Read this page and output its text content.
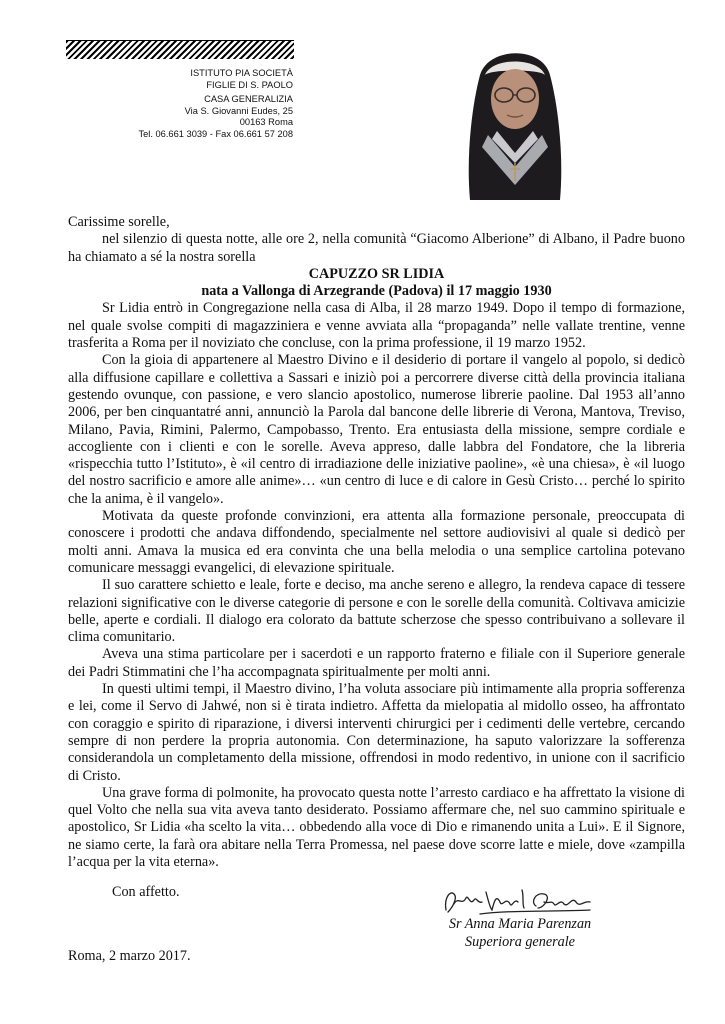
ISTITUTO PIA SOCIETÀ
FIGLIE DI S. PAOLO
CASA GENERALIZIA
Via S. Giovanni Eudes, 25
00163 Roma
Tel. 06.661 3039 - Fax 06.661 57 208

Carissime sorelle,

nel silenzio di questa notte, alle ore 2, nella comunità “Giacomo Alberione” di Albano, il Padre buono ha chiamato a sé la nostra sorella

CAPUZZO SR LIDIA
nata a Vallonga di Arzegrande (Padova) il 17 maggio 1930

Sr Lidia entrò in Congregazione nella casa di Alba, il 28 marzo 1949. Dopo il tempo di formazione, nel quale svolse compiti di magazziniera e venne avviata alla “propaganda” nelle vallate trentine, venne trasferita a Roma per il noviziato che concluse, con la prima professione, il 19 marzo 1952.

Con la gioia di appartenere al Maestro Divino e il desiderio di portare il vangelo al popolo, si dedicò alla diffusione capillare e collettiva a Sassari e iniziò poi a percorrere diverse città della provincia italiana gestendo ovunque, con passione, e vero slancio apostolico, numerose librerie paoline. Dal 1953 all’anno 2006, per ben cinquantatré anni, annunciò la Parola dal bancone delle librerie di Verona, Mantova, Treviso, Milano, Pavia, Rimini, Palermo, Campobasso, Trento. Era entusiasta della missione, sempre cordiale e accogliente con i clienti e con le sorelle. Aveva appreso, dalle labbra del Fondatore, che la libreria «rispecchia tutto l’Istituto», è «il centro di irradiazione delle iniziative paoline», «è una chiesa», è «il luogo del nostro sacrificio e amore alle anime»… «un centro di luce e di calore in Gesù Cristo… perché lo spirito che la anima, è il vangelo».

Motivata da queste profonde convinzioni, era attenta alla formazione personale, preoccupata di conoscere i prodotti che andava diffondendo, specialmente nel settore audiovisivi al quale si dedicò per molti anni. Amava la musica ed era convinta che una bella melodia o una semplice cartolina potevano comunicare messaggi evangelici, di elevazione spirituale.

Il suo carattere schietto e leale, forte e deciso, ma anche sereno e allegro, la rendeva capace di tessere relazioni significative con le diverse categorie di persone e con le sorelle della comunità. Coltivava amicizie belle, aperte e cordiali. Il dialogo era colorato da battute scherzose che spesso contribuivano a sollevare il clima comunitario.

Aveva una stima particolare per i sacerdoti e un rapporto fraterno e filiale con il Superiore generale dei Padri Stimmatini che l’ha accompagnata spiritualmente per molti anni.

In questi ultimi tempi, il Maestro divino, l’ha voluta associare più intimamente alla propria sofferenza e lei, come il Servo di Jahwé, non si è tirata indietro. Affetta da mielopatia al midollo osseo, ha affrontato con coraggio e spirito di riparazione, i diversi interventi chirurgici per i cedimenti delle vertebre, cercando sempre di non perdere la propria autonomia. Con determinazione, ha saputo valorizzare la sofferenza considerandola un completamento della missione, offrendosi in modo redentivo, in unione con il sacrificio di Cristo.

Una grave forma di polmonite, ha provocato questa notte l’arresto cardiaco e ha affrettato la visione di quel Volto che nella sua vita aveva tanto desiderato. Possiamo affermare che, nel suo cammino spirituale e apostolico, Sr Lidia «ha scelto la vita… obbedendo alla voce di Dio e rimanendo unita a Lui». E il Signore, ne siamo certe, la farà ora abitare nella Terra Promessa, nel paese dove scorre latte e miele, dove «zampilla l’acqua per la vita eterna».

Con affetto.
Sr Anna Maria Parenzan
Superiora generale
Roma, 2 marzo 2017.
